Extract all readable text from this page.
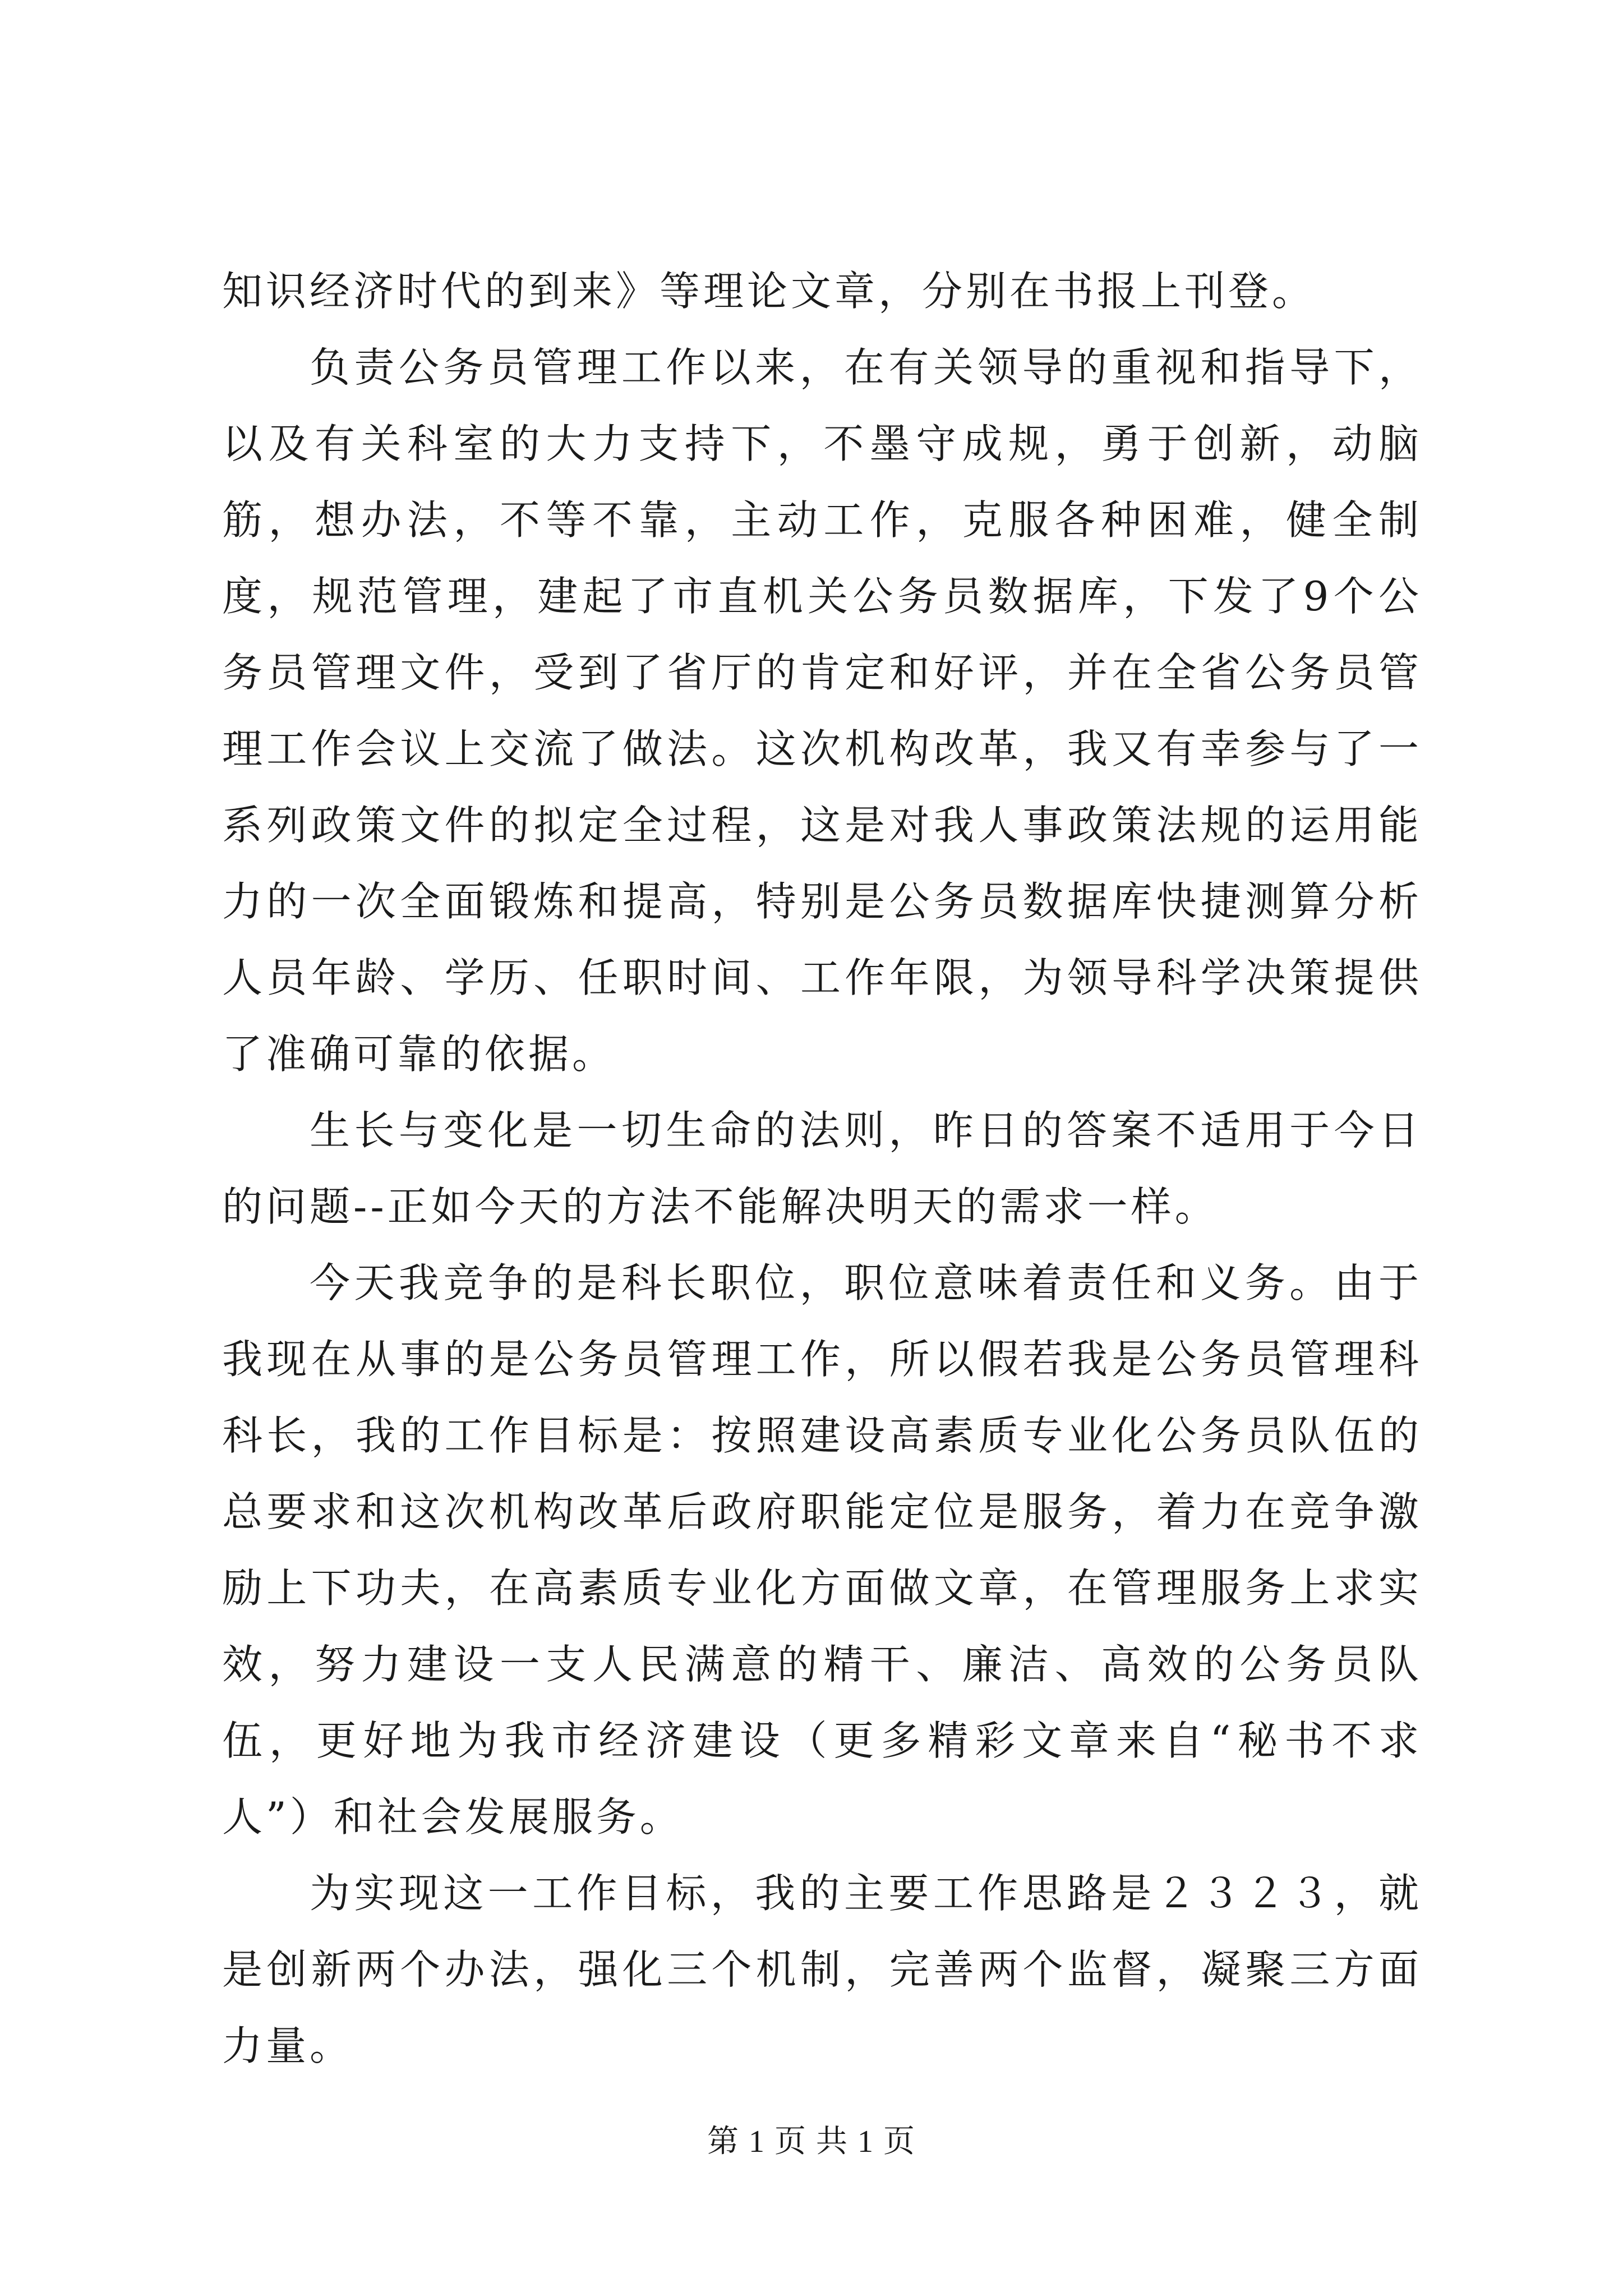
知识经济时代的到来》等理论文章，分别在书报上刊登。

负责公务员管理工作以来，在有关领导的重视和指导下，以及有关科室的大力支持下，不墨守成规，勇于创新，动脑筋，想办法，不等不靠，主动工作，克服各种困难，健全制度，规范管理，建起了市直机关公务员数据库，下发了9个公务员管理文件，受到了省厅的肯定和好评，并在全省公务员管理工作会议上交流了做法。这次机构改革，我又有幸参与了一系列政策文件的拟定全过程，这是对我人事政策法规的运用能力的一次全面锻炼和提高，特别是公务员数据库快捷测算分析人员年龄、学历、任职时间、工作年限，为领导科学决策提供了准确可靠的依据。

生长与变化是一切生命的法则，昨日的答案不适用于今日的问题--正如今天的方法不能解决明天的需求一样。

今天我竞争的是科长职位，职位意味着责任和义务。由于我现在从事的是公务员管理工作，所以假若我是公务员管理科科长，我的工作目标是：按照建设高素质专业化公务员队伍的总要求和这次机构改革后政府职能定位是服务，着力在竞争激励上下功夫，在高素质专业化方面做文章，在管理服务上求实效，努力建设一支人民满意的精干、廉洁、高效的公务员队伍，更好地为我市经济建设（更多精彩文章来自“秘书不求人”）和社会发展服务。

为实现这一工作目标，我的主要工作思路是２３２３，就是创新两个办法，强化三个机制，完善两个监督，凝聚三方面力量。

第 1 页 共 1 页
